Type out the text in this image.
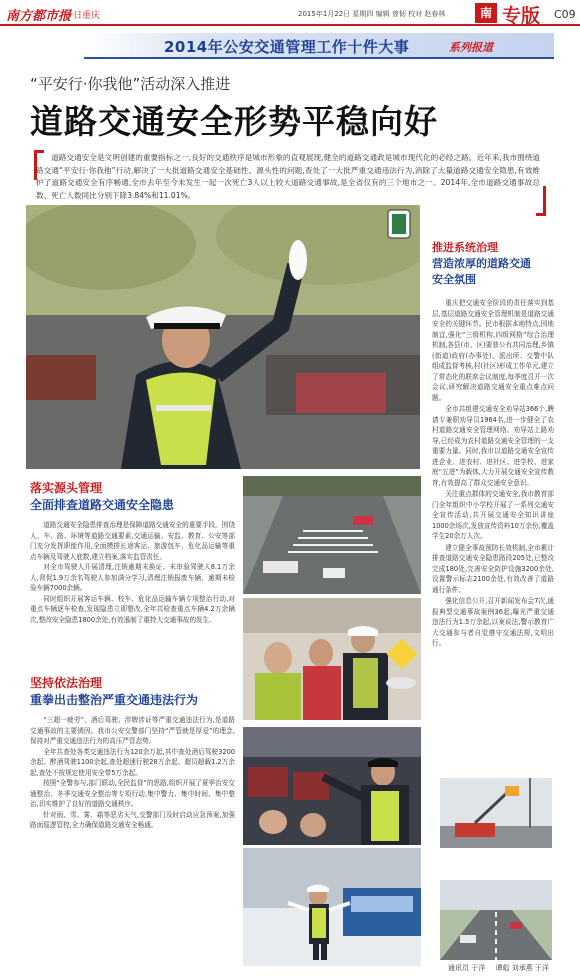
南方都市报
今日重庆	2015年1月22日 星期四 编辑 曾韧 校对 赵春林	南 专版 C09
2014年公安交通管理工作十件大事	系列报道
“平安行·你我他”活动深入推进
道路交通安全形势平稳向好

道路交通安全是文明创建的重要指标之一,良好的交通秩序是城市形象的直观展现,健全的道路交通政是城市现代化的必经之路。近年来,我市围绕道路交通“平安行·你我他”行动,解决了一大批道路交通安全基础性、源头性的问题,查处了一大批严重交通违法行为,消除了大量道路交通安全隐患,有效维护了道路交通安全有序畅通,全市去年至今未发生一起一次死亡3人以上较大道路交通事故,是全省仅有的三个地市之一。2014年,全市道路交通事故总数、死亡人数同比分别下降3.84%和11.01%。

推进系统治理
营造浓厚的道路交通
安全氛围

重庆把交通安全阶段的责任落实到基层,基层道路交通安全管理机制是道路交通安全的关键环节。民市根据本地特点,因地制宜,强化“三级机构,四级网格”综合治理机制,各县(市、区)要普公有共同治理,乡镇(街道)政府(办事处)、派出所、交警中队组成监督考核,村(社区)形成工作单元,建立了常态化的联席会议制度,每季度召开一次会议,研究解决道路交通安全重点难点问题。

全市共组建交通安全劝导站366个,聘请专兼职劝导员1964名,进一步健全了农村道路交通安全管理网络。劝导站上路劝导,已经成为农村道路交通安全管理的一支重要力量。同时,我市以道路交通安全宣传进企业、进农村、进社区、进学校、进家庭“五进”为载体,大力开展交通安全宣传教育,有效提高了群众交通安全意识。

关注重点群体的交通安全,我市教育部门全年组织中小学校开展了一系列交通安全宣传活动,共开展交通安全知识讲座1000余场次,发放宣传资料10万余份,覆盖学生20余万人次。

建立健全事故预防长效机制,全市累计排查道路交通安全隐患路段205处,已整改完成180处,完善安全防护设施3200余处,设置警示标志2100余处,有效改善了道路通行条件。

强化信息公开,召开新闻发布会7次,通报典型交通事故案例36起,曝光严重交通违法行为1.5万余起,以案说法,警示教育广大交通参与者自觉遵守交通法规,文明出行。

落实源头管理
全面排查道路交通安全隐患

道路交通安全隐患排查治理是保障道路交通安全的重要手段。围绕人、车、路、环境等道路交通要素,交通运输、安监、教育、公安等部门充分发挥职能作用,全面摸排长途客运、旅游包车、危化品运输等重点车辆及驾驶人底数,建立档案,落实监管责任。

对全市驾驶人开展清理,注销逾期未换证、未审验驾驶人8.1万余人,督促1.9万余名驾驶人参加满分学习,清理注销报废车辆、逾期未检验车辆7000余辆。

同时组织开展客运车辆、校车、危化品运输车辆专项整治行动,对重点车辆逐车检查,发现隐患立即整改,全年共检查重点车辆4.2万余辆次,整改安全隐患1800余处,有效遏制了重特大交通事故的发生。

坚持依法治理
重拳出击整治严重交通违法行为

“三超一疲劳”、酒后驾驶、涉牌涉证等严重交通违法行为,是道路交通事故的主要诱因。我市公安交警部门坚持“严管就是厚爱”的理念,保持对严重交通违法行为的高压严管态势。

全年共查处各类交通违法行为120余万起,其中查处酒后驾驶3200余起、醉酒驾驶1100余起,查处超速行驶28万余起、超员超载1.2万余起,查处不按规定使用安全带5万余起。

按照“全警参与,部门联动,全民监督”的思路,组织开展了夏季治安交通整治、冬季交通安全整治等专项行动,集中警力、集中时间、集中整治,切实维护了良好的道路交通秩序。

针对雨、雪、雾、霜等恶劣天气,交警部门及时启动应急预案,加强路面巡逻管控,全力确保道路交通安全畅通。

通讯员 于洋 谭彪 刘承燕 于洋
